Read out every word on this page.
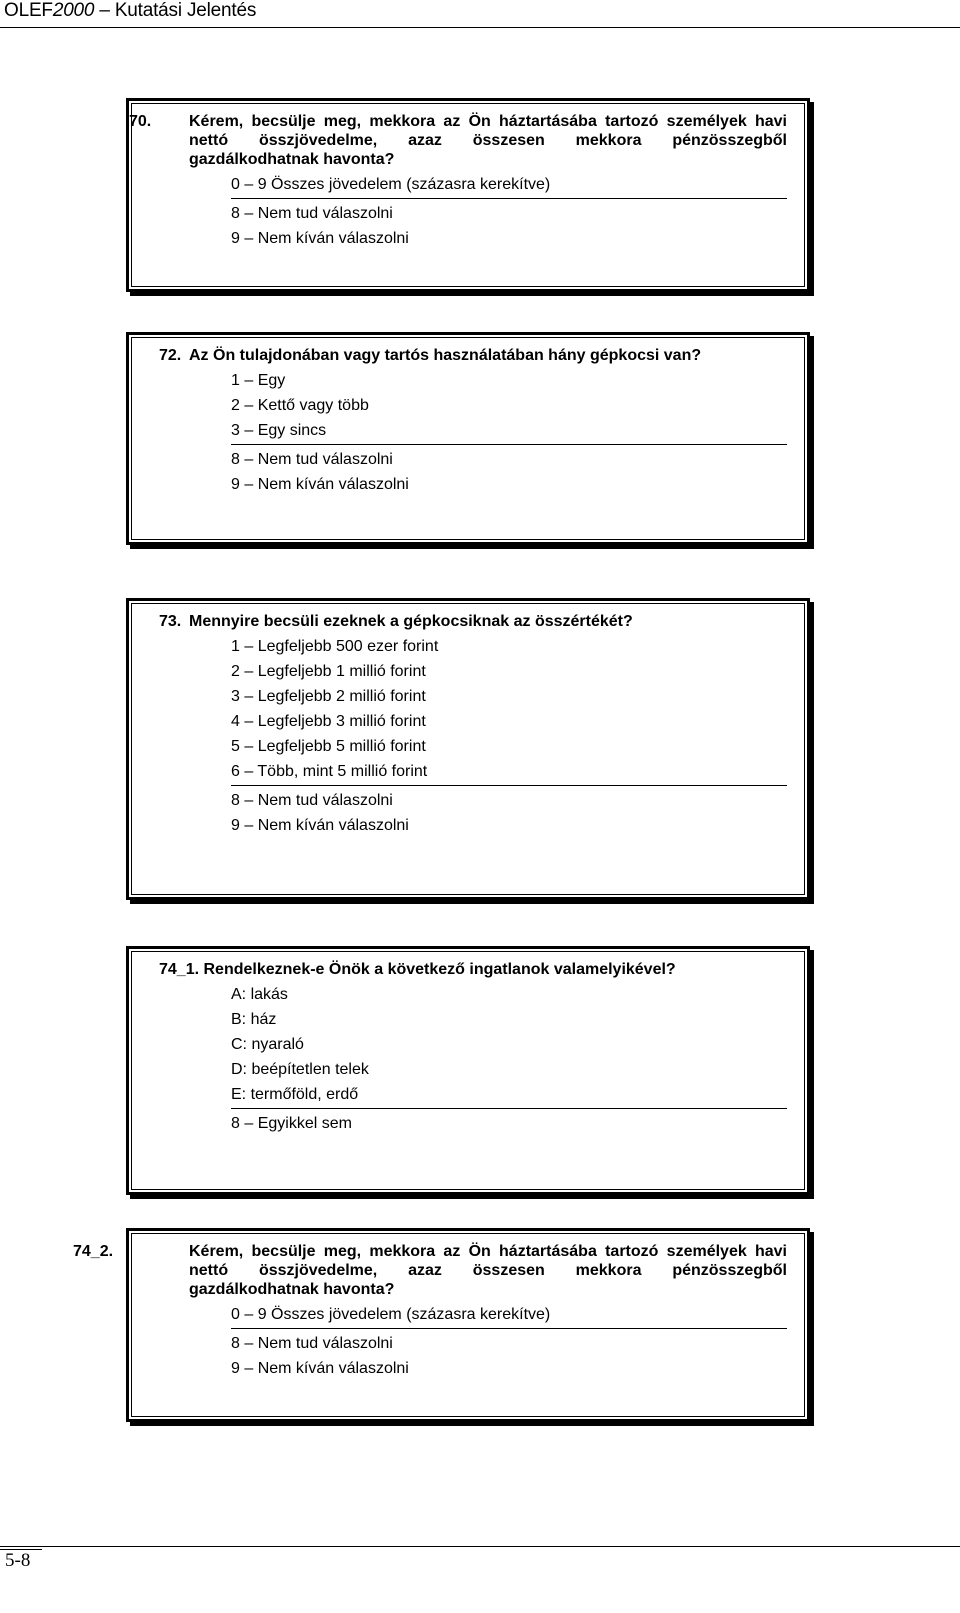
OLEF2000 – Kutatási Jelentés
70. Kérem, becsülje meg, mekkora az Ön háztartásába tartozó személyek havi nettó összjövedelme, azaz összesen mekkora pénzösszegből gazdálkodhatnak havonta?
0 – 9 Összes jövedelem (százasra kerekítve)
8 – Nem tud válaszolni
9 – Nem kíván válaszolni
72. Az Ön tulajdonában vagy tartós használatában hány gépkocsi van?
1 – Egy
2 – Kettő vagy több
3 – Egy sincs
8 – Nem tud válaszolni
9 – Nem kíván válaszolni
73. Mennyire becsüli ezeknek a gépkocsiknak az összértékét?
1 – Legfeljebb 500 ezer forint
2 – Legfeljebb 1 millió forint
3 – Legfeljebb 2 millió forint
4 – Legfeljebb 3 millió forint
5 – Legfeljebb 5 millió forint
6 – Több, mint 5 millió forint
8 – Nem tud válaszolni
9 – Nem kíván válaszolni
74_1. Rendelkeznek-e Önök a következő ingatlanok valamelyikével?
A: lakás
B: ház
C: nyaraló
D: beépítetlen telek
E: termőföld, erdő
8 – Egyikkel sem
74_2.	Kérem, becsülje meg, mekkora az Ön háztartásába tartozó személyek havi nettó összjövedelme, azaz összesen mekkora pénzösszegből gazdálkodhatnak havonta?
0 – 9 Összes jövedelem (százasra kerekítve)
8 – Nem tud válaszolni
9 – Nem kíván válaszolni
5-8
